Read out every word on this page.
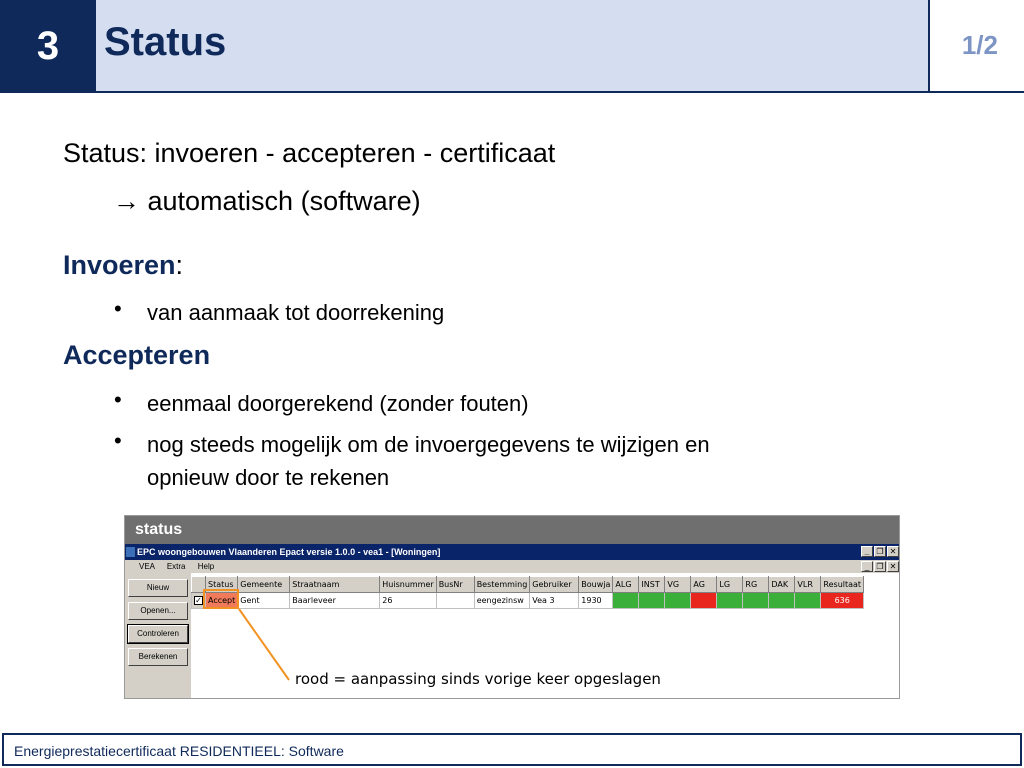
3	Status	1/2
Status: invoeren - accepteren - certificaat
→ automatisch (software)
Invoeren:
• van aanmaak tot doorrekening
Accepteren
• eenmaal doorgerekend (zonder fouten)
• nog steeds mogelijk om de invoergegevens te wijzigen en
opnieuw door te rekenen
status
EPC woongebouwen Vlaanderen Epact versie 1.0.0 - vea1 - [Woningen]	_ ❐ ✕
VEA Extra Help	_ ❐ ✕
Nieuw
Openen...
Controleren
Berekenen
	Status	Gemeente	Straatnaam	Huisnummer	BusNr	Bestemming	Gebruiker	Bouwja	ALG	INST	VG	AG	LG	RG	DAK	VLR	Resultaat
✓	Accept	Gent	Baarleveer	26		eengezinsw	Vea 3	1930									636
rood = aanpassing sinds vorige keer opgeslagen
Energieprestatiecertificaat RESIDENTIEEL: Software
